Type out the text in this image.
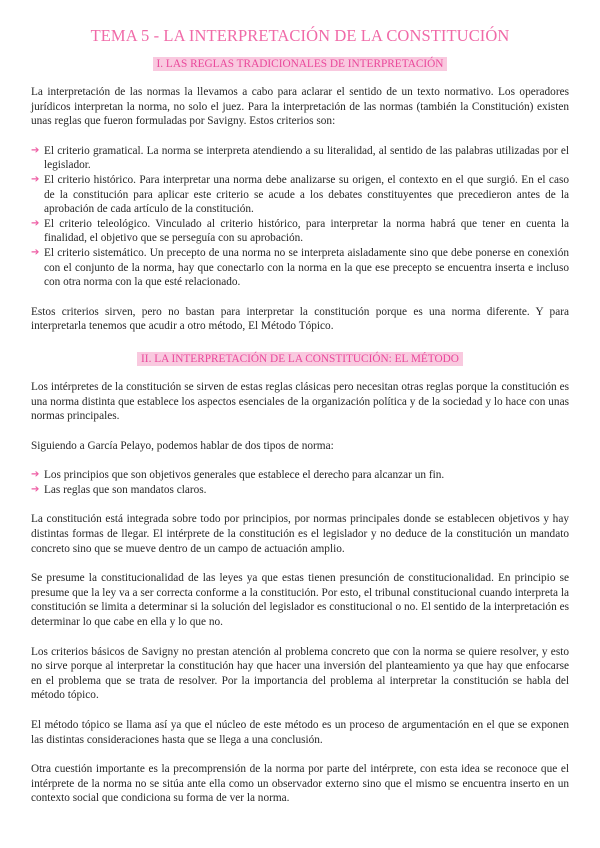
TEMA 5 - LA INTERPRETACIÓN DE LA CONSTITUCIÓN
I. LAS REGLAS TRADICIONALES DE INTERPRETACIÓN

La interpretación de las normas la llevamos a cabo para aclarar el sentido de un texto normativo. Los operadores jurídicos interpretan la norma, no solo el juez. Para la interpretación de las normas (también la Constitución) existen unas reglas que fueron formuladas por Savigny. Estos criterios son:

➔ El criterio gramatical. La norma se interpreta atendiendo a su literalidad, al sentido de las palabras utilizadas por el legislador.
➔ El criterio histórico. Para interpretar una norma debe analizarse su origen, el contexto en el que surgió. En el caso de la constitución para aplicar este criterio se acude a los debates constituyentes que precedieron antes de la aprobación de cada artículo de la constitución.
➔ El criterio teleológico. Vinculado al criterio histórico, para interpretar la norma habrá que tener en cuenta la finalidad, el objetivo que se perseguía con su aprobación.
➔ El criterio sistemático. Un precepto de una norma no se interpreta aisladamente sino que debe ponerse en conexión con el conjunto de la norma, hay que conectarlo con la norma en la que ese precepto se encuentra inserta e incluso con otra norma con la que esté relacionado.

Estos criterios sirven, pero no bastan para interpretar la constitución porque es una norma diferente. Y para interpretarla tenemos que acudir a otro método, El Método Tópico.

II. LA INTERPRETACIÓN DE LA CONSTITUCIÓN: EL MÉTODO

Los intérpretes de la constitución se sirven de estas reglas clásicas pero necesitan otras reglas porque la constitución es una norma distinta que establece los aspectos esenciales de la organización política y de la sociedad y lo hace con unas normas principales.

Siguiendo a García Pelayo, podemos hablar de dos tipos de norma:

➔ Los principios que son objetivos generales que establece el derecho para alcanzar un fin.
➔ Las reglas que son mandatos claros.

La constitución está integrada sobre todo por principios, por normas principales donde se establecen objetivos y hay distintas formas de llegar. El intérprete de la constitución es el legislador y no deduce de la constitución un mandato concreto sino que se mueve dentro de un campo de actuación amplio.

Se presume la constitucionalidad de las leyes ya que estas tienen presunción de constitucionalidad. En principio se presume que la ley va a ser correcta conforme a la constitución. Por esto, el tribunal constitucional cuando interpreta la constitución se limita a determinar si la solución del legislador es constitucional o no. El sentido de la interpretación es determinar lo que cabe en ella y lo que no.

Los criterios básicos de Savigny no prestan atención al problema concreto que con la norma se quiere resolver, y esto no sirve porque al interpretar la constitución hay que hacer una inversión del planteamiento ya que hay que enfocarse en el problema que se trata de resolver. Por la importancia del problema al interpretar la constitución se habla del método tópico.

El método tópico se llama así ya que el núcleo de este método es un proceso de argumentación en el que se exponen las distintas consideraciones hasta que se llega a una conclusión.

Otra cuestión importante es la precomprensión de la norma por parte del intérprete, con esta idea se reconoce que el intérprete de la norma no se sitúa ante ella como un observador externo sino que el mismo se encuentra inserto en un contexto social que condiciona su forma de ver la norma.
